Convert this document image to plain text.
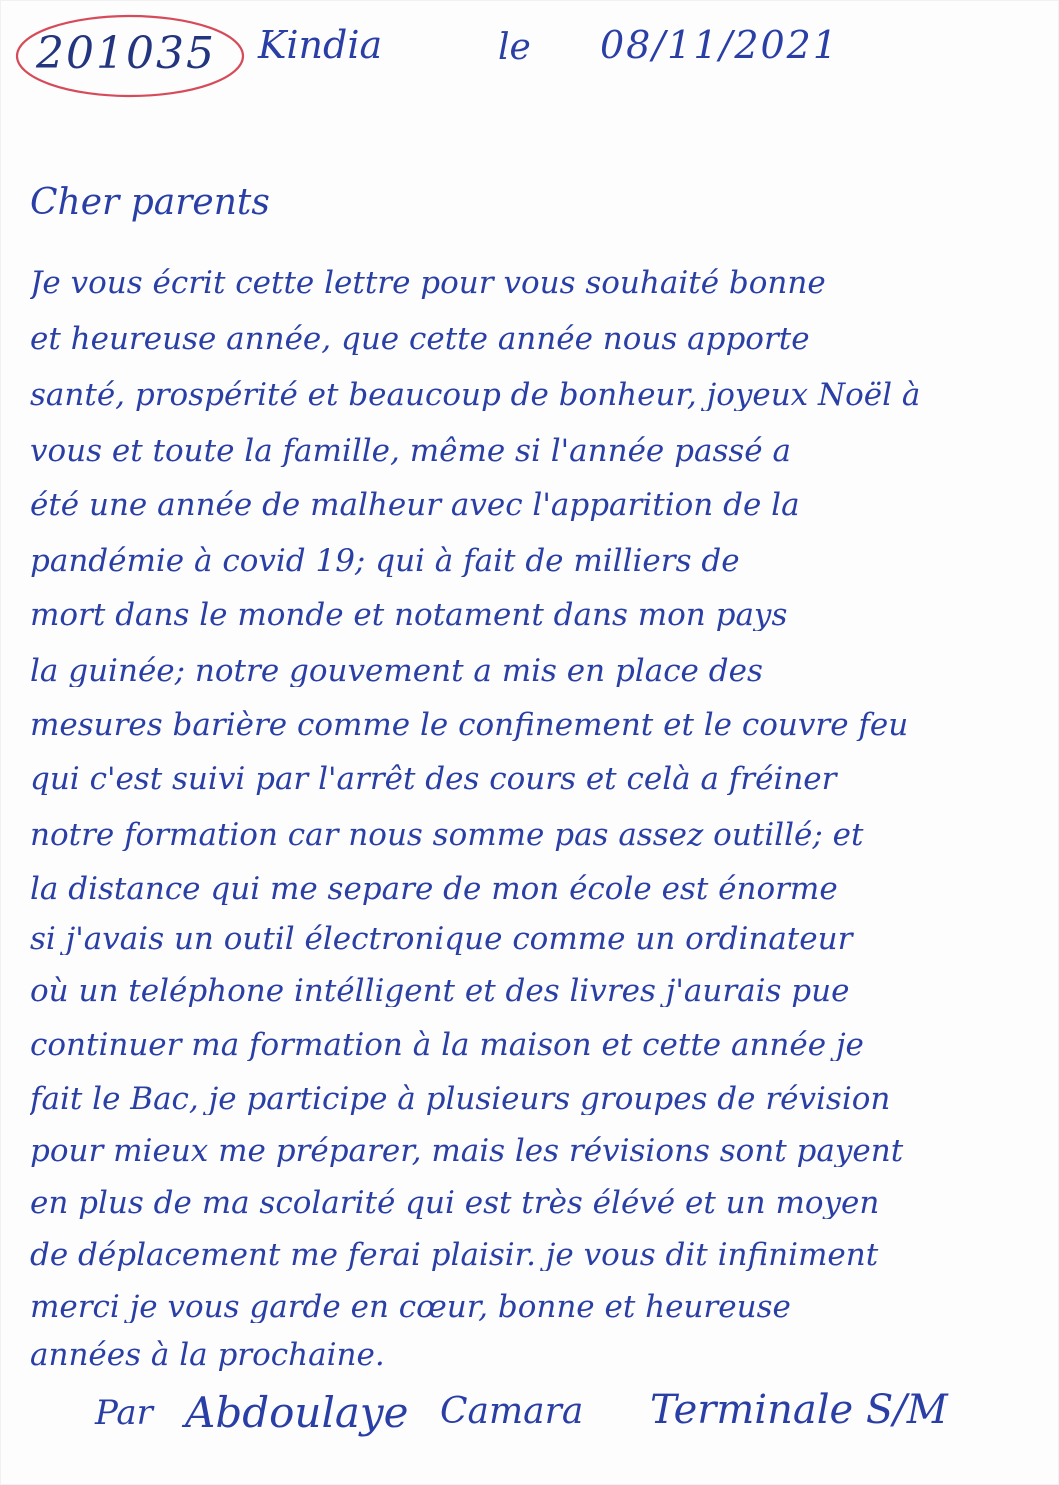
201035 Kindia	le 08/11/2021
Cher parents
Je vous écrit cette lettre pour vous souhaité bonne
et heureuse année, que cette année nous apporte
santé, prospérité et beaucoup de bonheur, joyeux Noël à
vous et toute la famille, même si l'année passé a
été une année de malheur avec l'apparition de la
pandémie à covid 19; qui à fait de milliers de
mort dans le monde et notament dans mon pays
la guinée; notre gouvement a mis en place des
mesures barière comme le confinement et le couvre feu
qui c'est suivi par l'arrêt des cours et celà a fréiner
notre formation car nous somme pas assez outillé; et
la distance qui me separe de mon école est énorme
si j'avais un outil électronique comme un ordinateur
où un teléphone intélligent et des livres j'aurais pue
continuer ma formation à la maison et cette année je
fait le Bac, je participe à plusieurs groupes de révision
pour mieux me préparer, mais les révisions sont payent
en plus de ma scolarité qui est très élévé et un moyen
de déplacement me ferai plaisir. je vous dit infiniment
merci je vous garde en cœur, bonne et heureuse
années à la prochaine.
Par Abdoulaye Camara Terminale S/M
